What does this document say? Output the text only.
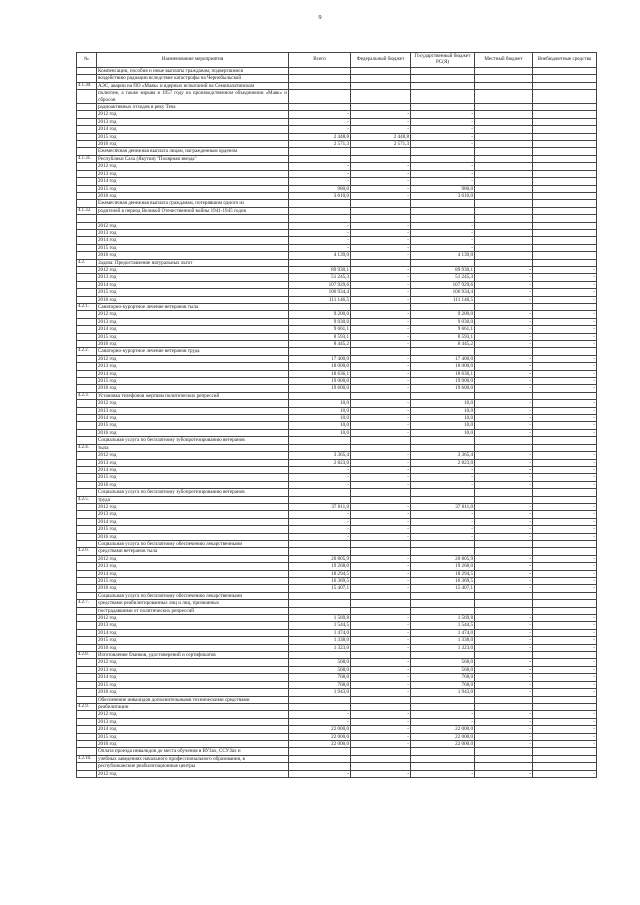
9
№	Наименование мероприятия	Всего	Федеральный бюджет	Государственный бюджет РС(Я)	Местный бюджет	Внебюджетные средства
	Компенсации, пособия и иные выплаты гражданам, подвергшимся					
	воздействию радиации вследствие катастрофы на Чернобыльской					
4.1.30.	АЭС, аварии на ПО «Маяк» и ядерных испытаний на Семипалатинском					
	полигоне, а также взрыва в 1957 году на производственном объединении «Маяк» и сбросов					
	радиоактивных отходов в реку Теча					
	2012 год	-	-	-		
	2013 год	-	-	-		
	2014 год	-	-	-		
	2015 год	2 448,8	2 448,8	-		
	2016 год	2 571,3	2 571,3	-		
	Ежемесячная денежная выплата лицам, награжденным орденом					
4.1.31.	Республики Саха (Якутия) "Полярная звезда"					
	2012 год	-	-	-		
	2013 год	-	-	-		
	2014 год	-	-	-		
	2015 год	980,0	-	980,0		
	2016 год	3 610,0	-	3 610,0		
	Ежемесячная денежная выплата гражданам, потерявшим одного из					
4.1.32.	родителей в период Великой Отечественной войны 1941-1945 годов					

	2012 год	-	-	-		
	2013 год	-	-	-		
	2014 год	-	-	-		
	2015 год	-	-	-		
	2016 год	4 139,0	-	4 139,0		
4.2.	Задача: Предоставление натуральных льгот					
	2012 год	89 930,1	-	89 930,1	-	-
	2013 год	51 245,3	-	51 245,3	-	-
	2014 год	107 929,6	-	107 929,6	-	-
	2015 год	106 934,4	-	106 934,4	-	-
	2016 год	111 146,5	-	111 146,5	-	-
4.2.1.	Санаторно-курортное лечение ветеранов тыла					
	2012 год	9 200,0	-	9 200,0	-	-
	2013 год	9 030,0	-	9 030,0	-	-
	2014 год	9 661,1	-	9 661,1	-	-
	2015 год	8 593,1	-	8 593,1	-	-
	2016 год	8 445,2	-	8 445,2	-	-
4.2.2.	Санаторно-курортное лечение ветеранов труда					
	2012 год	17 400,0	-	17 400,0	-	-
	2013 год	18 000,0	-	18 000,0	-	-
	2014 год	18 636,1	-	18 636,1	-	-
	2015 год	19 000,0	-	19 000,0	-	-
	2016 год	19 600,0	-	19 600,0	-	-
4.2.3.	Установка телефонов жертвам политических репрессий					
	2012 год	10,0	-	10,0	-	-
	2013 год	10,0	-	10,0	-	-
	2014 год	10,0	-	10,0	-	-
	2015 год	10,0	-	10,0	-	-
	2016 год	10,0	-	10,0	-	-
	Социальная услуга по бесплатному зубопротезированию ветеранов					
4.2.4.	тыла					
	2012 год	3 365,4	-	3 365,4	-	-
	2013 год	2 823,0	-	2 823,0	-	-
	2014 год	-	-	-	-	-
	2015 год	-	-	-	-	-
	2016 год	-	-	-	-	-
	Социальная услуга по бесплатному зубопротезированию ветеранов					
4.2.5.	труда					
	2012 год	37 011,0	-	37 011,0	-	-
	2013 год	-	-	-	-	-
	2014 год	-	-	-	-	-
	2015 год	-	-	-	-	-
	2016 год	-	-	-	-	-
	Социальная услуга по бесплатному обеспечению лекарственными					
4.2.6.	средствами ветеранов тыла					
	2012 год	20 805,9	-	20 805,9	-	-
	2013 год	19 268,0	-	19 268,0	-	-
	2014 год	18 294,5	-	18 294,5	-	-
	2015 год	16 369,5	-	16 369,5	-	-
	2016 год	15 407,1	-	15 407,1	-	-
	Социальная услуга по бесплатному обеспечению лекарственными					
4.2.7.	средствами реабилитированных лиц и лиц, признанных					
	пострадавшими от политических репрессий					
	2012 год	1 569,8	-	1 569,8	-	-
	2013 год	1 544,5	-	1 544,5	-	-
	2014 год	1 474,0	-	1 474,0	-	-
	2015 год	1 338,0	-	1 338,0	-	-
	2016 год	1 323,0	-	1 323,0	-	-
4.2.8.	Изготовление бланков, удостоверений и сертификатов					
	2012 год	568,0	-	568,0	-	-
	2013 год	568,0	-	568,0	-	-
	2014 год	768,0	-	768,0	-	-
	2015 год	768,0	-	768,0	-	-
	2016 год	1 943,0	-	1 943,0	-	-
	Обеспечение инвалидов дополнительными техническими средствами					
4.2.9.	реабилитации					
	2012 год	-	-	-	-	-
	2013 год	-	-	-	-	-
	2014 год	22 000,0	-	22 000,0	-	-
	2015 год	22 000,0	-	22 000,0	-	-
	2016 год	22 000,0	-	22 000,0	-	-
	Оплата проезда инвалидов до места обучения в ВУЗах, ССУЗах и					
4.2.10.	учебных заведениях начального профессионального образования, в					
	республиканские реабилитационные центры					
	2012 год	-	-	-	-	-
